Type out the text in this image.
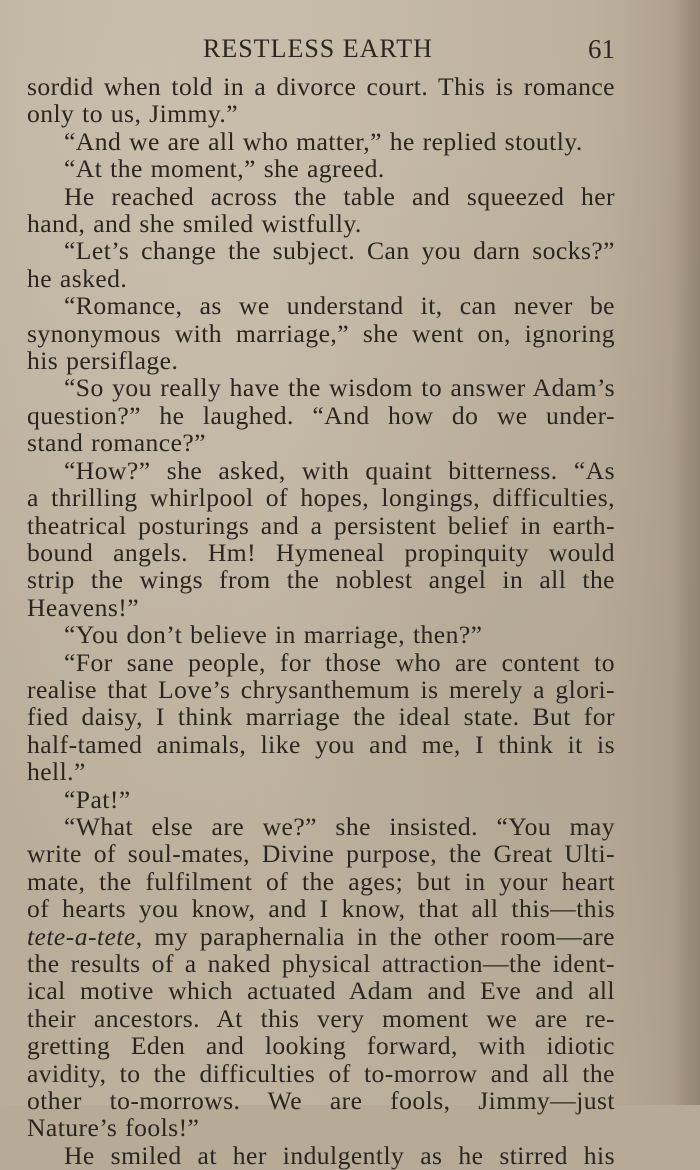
RESTLESS EARTH	61
sordid when told in a divorce court. This is romance
only to us, Jimmy.”
“And we are all who matter,” he replied stoutly.
“At the moment,” she agreed.
He reached across the table and squeezed her
hand, and she smiled wistfully.
“Let’s change the subject. Can you darn socks?”
he asked.
“Romance, as we understand it, can never be
synonymous with marriage,” she went on, ignoring
his persiflage.
“So you really have the wisdom to answer Adam’s
question?” he laughed. “And how do we under-
stand romance?”
“How?” she asked, with quaint bitterness. “As
a thrilling whirlpool of hopes, longings, difficulties,
theatrical posturings and a persistent belief in earth-
bound angels. Hm! Hymeneal propinquity would
strip the wings from the noblest angel in all the
Heavens!”
“You don’t believe in marriage, then?”
“For sane people, for those who are content to
realise that Love’s chrysanthemum is merely a glori-
fied daisy, I think marriage the ideal state. But for
half-tamed animals, like you and me, I think it is
hell.”
“Pat!”
“What else are we?” she insisted. “You may
write of soul-mates, Divine purpose, the Great Ulti-
mate, the fulfilment of the ages; but in your heart
of hearts you know, and I know, that all this—this
tete-a-tete, my paraphernalia in the other room—are
the results of a naked physical attraction—the ident-
ical motive which actuated Adam and Eve and all
their ancestors. At this very moment we are re-
gretting Eden and looking forward, with idiotic
avidity, to the difficulties of to-morrow and all the
other to-morrows. We are fools, Jimmy—just
Nature’s fools!”
He smiled at her indulgently as he stirred his
